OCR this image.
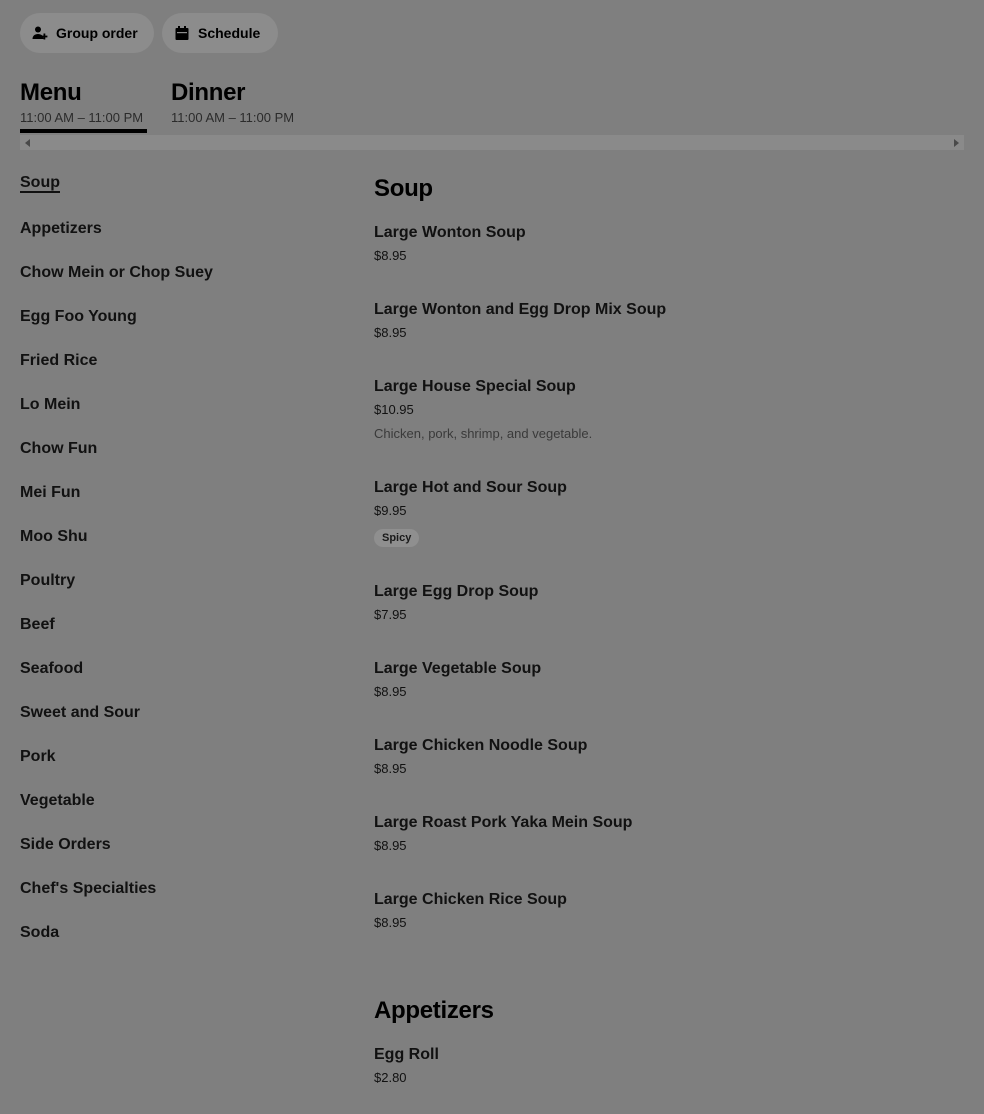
Group order	Schedule
Menu
11:00 AM – 11:00 PM
Dinner
11:00 AM – 11:00 PM
Soup
Appetizers
Chow Mein or Chop Suey
Egg Foo Young
Fried Rice
Lo Mein
Chow Fun
Mei Fun
Moo Shu
Poultry
Beef
Seafood
Sweet and Sour
Pork
Vegetable
Side Orders
Chef's Specialties
Soda
Soup
Large Wonton Soup
$8.95
Large Wonton and Egg Drop Mix Soup
$8.95
Large House Special Soup
$10.95
Chicken, pork, shrimp, and vegetable.
Large Hot and Sour Soup
$9.95
Spicy
Large Egg Drop Soup
$7.95
Large Vegetable Soup
$8.95
Large Chicken Noodle Soup
$8.95
Large Roast Pork Yaka Mein Soup
$8.95
Large Chicken Rice Soup
$8.95
Appetizers
Egg Roll
$2.80
